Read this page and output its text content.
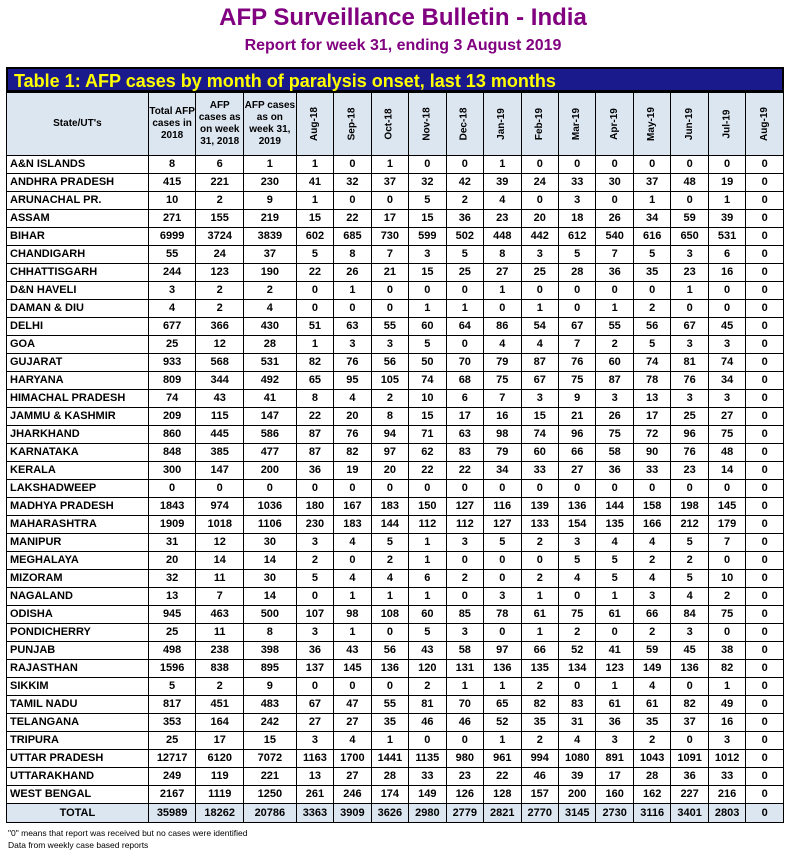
AFP Surveillance Bulletin - India
Report for week 31, ending 3 August 2019
Table 1: AFP cases by month of paralysis onset, last 13 months
State/UT's	Total AFP cases in 2018	AFP cases as on week 31, 2018	AFP cases as on week 31, 2019	Aug-18	Sep-18	Oct-18	Nov-18	Dec-18	Jan-19	Feb-19	Mar-19	Apr-19	May-19	Jun-19	Jul-19	Aug-19
A&N ISLANDS	8	6	1	1	0	1	0	0	1	0	0	0	0	0	0	0
ANDHRA PRADESH	415	221	230	41	32	37	32	42	39	24	33	30	37	48	19	0
ARUNACHAL PR.	10	2	9	1	0	0	5	2	4	0	3	0	1	0	1	0
ASSAM	271	155	219	15	22	17	15	36	23	20	18	26	34	59	39	0
BIHAR	6999	3724	3839	602	685	730	599	502	448	442	612	540	616	650	531	0
CHANDIGARH	55	24	37	5	8	7	3	5	8	3	5	7	5	3	6	0
CHHATTISGARH	244	123	190	22	26	21	15	25	27	25	28	36	35	23	16	0
D&N HAVELI	3	2	2	0	1	0	0	0	1	0	0	0	0	1	0	0
DAMAN & DIU	4	2	4	0	0	0	1	1	0	1	0	1	2	0	0	0
DELHI	677	366	430	51	63	55	60	64	86	54	67	55	56	67	45	0
GOA	25	12	28	1	3	3	5	0	4	4	7	2	5	3	3	0
GUJARAT	933	568	531	82	76	56	50	70	79	87	76	60	74	81	74	0
HARYANA	809	344	492	65	95	105	74	68	75	67	75	87	78	76	34	0
HIMACHAL PRADESH	74	43	41	8	4	2	10	6	7	3	9	3	13	3	3	0
JAMMU & KASHMIR	209	115	147	22	20	8	15	17	16	15	21	26	17	25	27	0
JHARKHAND	860	445	586	87	76	94	71	63	98	74	96	75	72	96	75	0
KARNATAKA	848	385	477	87	82	97	62	83	79	60	66	58	90	76	48	0
KERALA	300	147	200	36	19	20	22	22	34	33	27	36	33	23	14	0
LAKSHADWEEP	0	0	0	0	0	0	0	0	0	0	0	0	0	0	0	0
MADHYA PRADESH	1843	974	1036	180	167	183	150	127	116	139	136	144	158	198	145	0
MAHARASHTRA	1909	1018	1106	230	183	144	112	112	127	133	154	135	166	212	179	0
MANIPUR	31	12	30	3	4	5	1	3	5	2	3	4	4	5	7	0
MEGHALAYA	20	14	14	2	0	2	1	0	0	0	5	5	2	2	0	0
MIZORAM	32	11	30	5	4	4	6	2	0	2	4	5	4	5	10	0
NAGALAND	13	7	14	0	1	1	1	0	3	1	0	1	3	4	2	0
ODISHA	945	463	500	107	98	108	60	85	78	61	75	61	66	84	75	0
PONDICHERRY	25	11	8	3	1	0	5	3	0	1	2	0	2	3	0	0
PUNJAB	498	238	398	36	43	56	43	58	97	66	52	41	59	45	38	0
RAJASTHAN	1596	838	895	137	145	136	120	131	136	135	134	123	149	136	82	0
SIKKIM	5	2	9	0	0	0	2	1	1	2	0	1	4	0	1	0
TAMIL NADU	817	451	483	67	47	55	81	70	65	82	83	61	61	82	49	0
TELANGANA	353	164	242	27	27	35	46	46	52	35	31	36	35	37	16	0
TRIPURA	25	17	15	3	4	1	0	0	1	2	4	3	2	0	3	0
UTTAR PRADESH	12717	6120	7072	1163	1700	1441	1135	980	961	994	1080	891	1043	1091	1012	0
UTTARAKHAND	249	119	221	13	27	28	33	23	22	46	39	17	28	36	33	0
WEST BENGAL	2167	1119	1250	261	246	174	149	126	128	157	200	160	162	227	216	0
TOTAL	35989	18262	20786	3363	3909	3626	2980	2779	2821	2770	3145	2730	3116	3401	2803	0
"0" means that report was received but no cases were identified
Data from weekly case based reports
